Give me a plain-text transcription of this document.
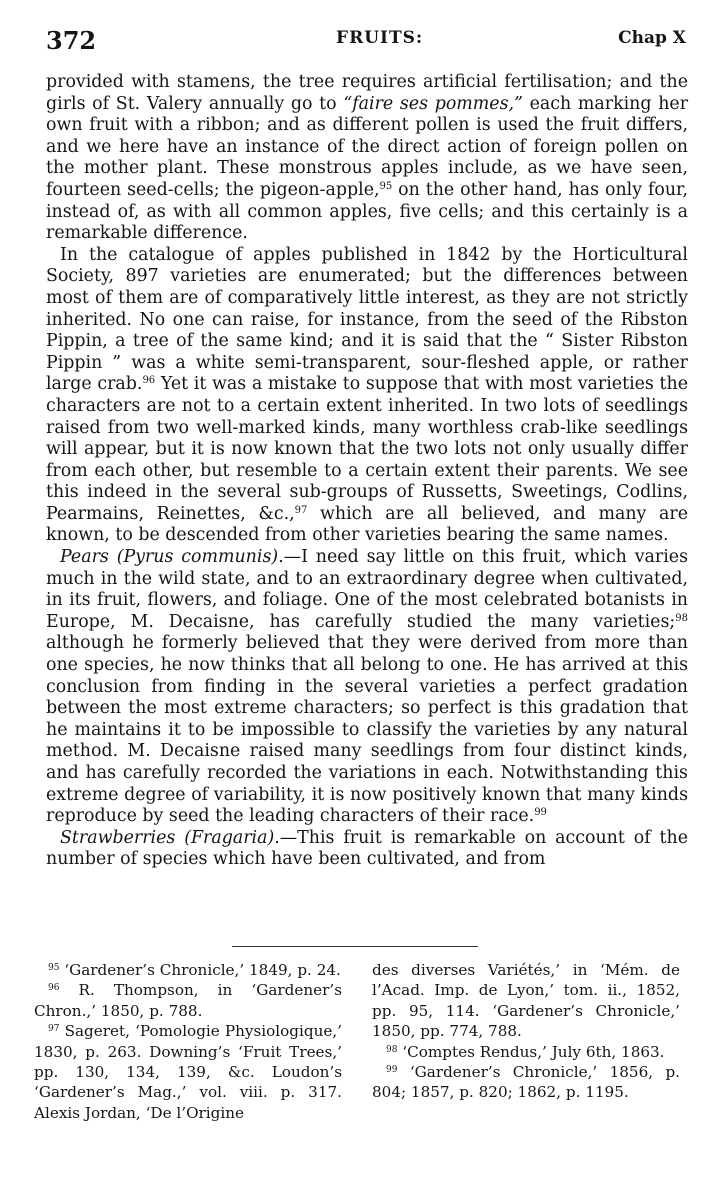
372	FRUITS:	Chap X

provided with stamens, the tree requires artificial fertilisation; and the girls of St. Valery annually go to “faire ses pommes,” each marking her own fruit with a ribbon; and as different pollen is used the fruit differs, and we here have an instance of the direct action of foreign pollen on the mother plant. These monstrous apples include, as we have seen, fourteen seed-cells; the pigeon-apple,$^{95}$ on the other hand, has only four, instead of, as with all common apples, five cells; and this certainly is a remarkable difference.

In the catalogue of apples published in 1842 by the Horticultural Society, 897 varieties are enumerated; but the differences between most of them are of comparatively little interest, as they are not strictly inherited. No one can raise, for instance, from the seed of the Ribston Pippin, a tree of the same kind; and it is said that the “ Sister Ribston Pippin ” was a white semi-transparent, sour-fleshed apple, or rather large crab.$^{96}$ Yet it was a mistake to suppose that with most varieties the characters are not to a certain extent inherited. In two lots of seedlings raised from two well-marked kinds, many worthless crab-like seedlings will appear, but it is now known that the two lots not only usually differ from each other, but resemble to a certain extent their parents. We see this indeed in the several sub-groups of Russetts, Sweetings, Codlins, Pearmains, Reinettes, &c.,$^{97}$ which are all believed, and many are known, to be descended from other varieties bearing the same names.

Pears (Pyrus communis).—I need say little on this fruit, which varies much in the wild state, and to an extraordinary degree when cultivated, in its fruit, flowers, and foliage. One of the most celebrated botanists in Europe, M. Decaisne, has carefully studied the many varieties;$^{98}$ although he formerly believed that they were derived from more than one species, he now thinks that all belong to one. He has arrived at this conclusion from finding in the several varieties a perfect gradation between the most extreme characters; so perfect is this gradation that he maintains it to be impossible to classify the varieties by any natural method. M. Decaisne raised many seedlings from four distinct kinds, and has carefully recorded the variations in each. Notwithstanding this extreme degree of variability, it is now positively known that many kinds reproduce by seed the leading characters of their race.$^{99}$

Strawberries (Fragaria).—This fruit is remarkable on account of the number of species which have been cultivated, and from

$^{95}$ ‘Gardener’s Chronicle,’ 1849, p. 24.

$^{96}$ R. Thompson, in ‘Gardener’s Chron.,’ 1850, p. 788.

$^{97}$ Sageret, ‘Pomologie Physiologique,’ 1830, p. 263. Downing’s ‘Fruit Trees,’ pp. 130, 134, 139, &c. Loudon’s ‘Gardener’s Mag.,’ vol. viii. p. 317. Alexis Jordan, ‘De l’Origine

des diverses Variétés,’ in ‘Mém. de l’Acad. Imp. de Lyon,’ tom. ii., 1852, pp. 95, 114. ‘Gardener’s Chronicle,’ 1850, pp. 774, 788.

$^{98}$ ‘Comptes Rendus,’ July 6th, 1863.

$^{99}$ ‘Gardener’s Chronicle,’ 1856, p. 804; 1857, p. 820; 1862, p. 1195.
